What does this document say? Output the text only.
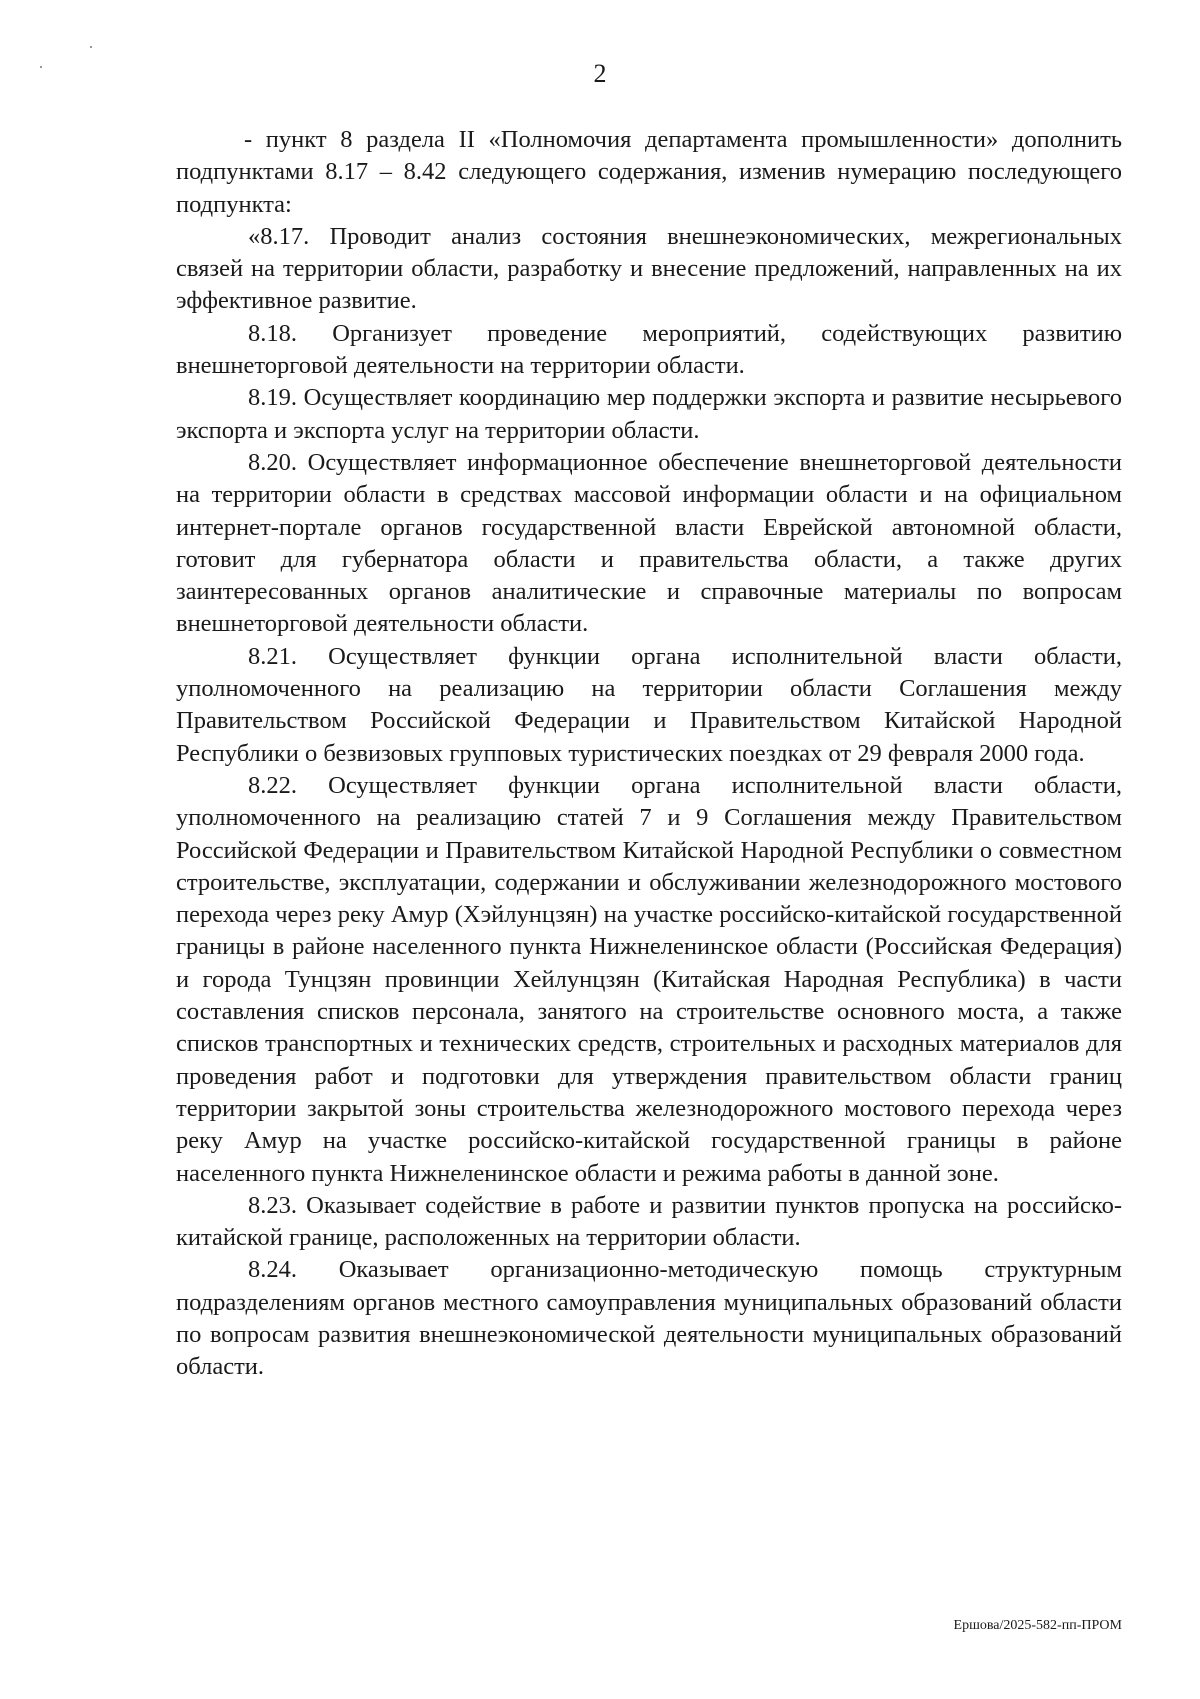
2

- пункт 8 раздела II «Полномочия департамента промышленности» дополнить подпунктами 8.17 – 8.42 следующего содержания, изменив нумерацию последующего подпункта:

«8.17. Проводит анализ состояния внешнеэкономических, межрегиональных связей на территории области, разработку и внесение предложений, направленных на их эффективное развитие.

8.18. Организует проведение мероприятий, содействующих развитию внешнеторговой деятельности на территории области.

8.19. Осуществляет координацию мер поддержки экспорта и развитие несырьевого экспорта и экспорта услуг на территории области.

8.20. Осуществляет информационное обеспечение внешнеторговой деятельности на территории области в средствах массовой информации области и на официальном интернет-портале органов государственной власти Еврейской автономной области, готовит для губернатора области и правительства области, а также других заинтересованных органов аналитические и справочные материалы по вопросам внешнеторговой деятельности области.

8.21. Осуществляет функции органа исполнительной власти области, уполномоченного на реализацию на территории области Соглашения между Правительством Российской Федерации и Правительством Китайской Народной Республики о безвизовых групповых туристических поездках от 29 февраля 2000 года.

8.22. Осуществляет функции органа исполнительной власти области, уполномоченного на реализацию статей 7 и 9 Соглашения между Правительством Российской Федерации и Правительством Китайской Народной Республики о совместном строительстве, эксплуатации, содержании и обслуживании железнодорожного мостового перехода через реку Амур (Хэйлунцзян) на участке российско-китайской государственной границы в районе населенного пункта Нижнеленинское области (Российская Федерация) и города Тунцзян провинции Хейлунцзян (Китайская Народная Республика) в части составления списков персонала, занятого на строительстве основного моста, а также списков транспортных и технических средств, строительных и расходных материалов для проведения работ и подготовки для утверждения правительством области границ территории закрытой зоны строительства железнодорожного мостового перехода через реку Амур на участке российско-китайской государственной границы в районе населенного пункта Нижнеленинское области и режима работы в данной зоне.

8.23. Оказывает содействие в работе и развитии пунктов пропуска на российско-китайской границе, расположенных на территории области.

8.24. Оказывает организационно-методическую помощь структурным подразделениям органов местного самоуправления муниципальных образований области по вопросам развития внешнеэкономической деятельности муниципальных образований области.

Ершова/2025-582-пп-ПРОМ
